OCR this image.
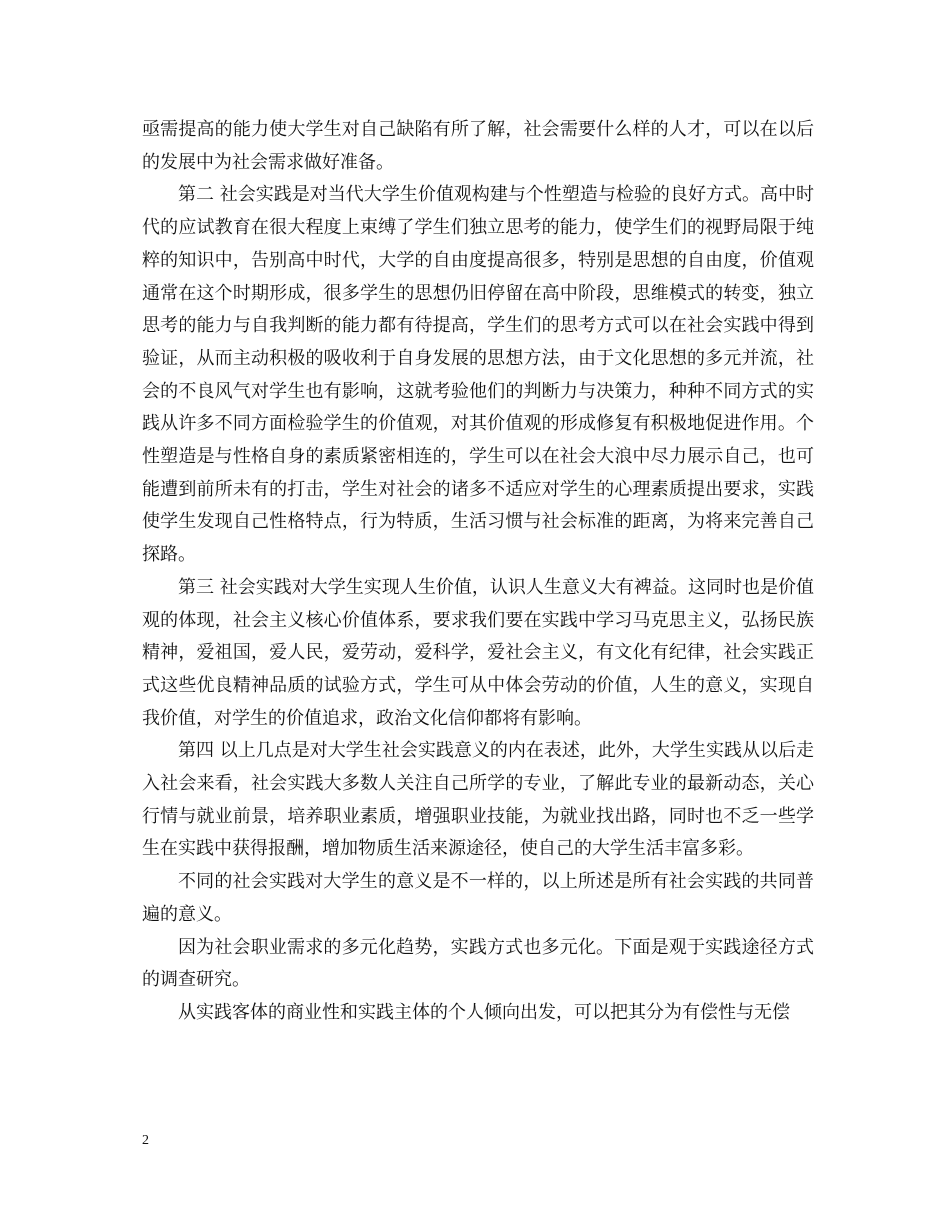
亟需提高的能力使大学生对自己缺陷有所了解，社会需要什么样的人才，可以在以后的发展中为社会需求做好准备。

第二 社会实践是对当代大学生价值观构建与个性塑造与检验的良好方式。高中时代的应试教育在很大程度上束缚了学生们独立思考的能力，使学生们的视野局限于纯粹的知识中，告别高中时代，大学的自由度提高很多，特别是思想的自由度，价值观通常在这个时期形成，很多学生的思想仍旧停留在高中阶段，思维模式的转变，独立思考的能力与自我判断的能力都有待提高，学生们的思考方式可以在社会实践中得到验证，从而主动积极的吸收利于自身发展的思想方法，由于文化思想的多元并流，社会的不良风气对学生也有影响，这就考验他们的判断力与决策力，种种不同方式的实践从许多不同方面检验学生的价值观，对其价值观的形成修复有积极地促进作用。个性塑造是与性格自身的素质紧密相连的，学生可以在社会大浪中尽力展示自己，也可能遭到前所未有的打击，学生对社会的诸多不适应对学生的心理素质提出要求，实践使学生发现自己性格特点，行为特质，生活习惯与社会标准的距离，为将来完善自己探路。

第三 社会实践对大学生实现人生价值，认识人生意义大有裨益。这同时也是价值观的体现，社会主义核心价值体系，要求我们要在实践中学习马克思主义，弘扬民族精神，爱祖国，爱人民，爱劳动，爱科学，爱社会主义，有文化有纪律，社会实践正式这些优良精神品质的试验方式，学生可从中体会劳动的价值，人生的意义，实现自我价值，对学生的价值追求，政治文化信仰都将有影响。

第四 以上几点是对大学生社会实践意义的内在表述，此外，大学生实践从以后走入社会来看，社会实践大多数人关注自己所学的专业，了解此专业的最新动态，关心行情与就业前景，培养职业素质，增强职业技能，为就业找出路，同时也不乏一些学生在实践中获得报酬，增加物质生活来源途径，使自己的大学生活丰富多彩。

不同的社会实践对大学生的意义是不一样的，以上所述是所有社会实践的共同普遍的意义。

因为社会职业需求的多元化趋势，实践方式也多元化。下面是观于实践途径方式的调查研究。

从实践客体的商业性和实践主体的个人倾向出发，可以把其分为有偿性与无偿

2
